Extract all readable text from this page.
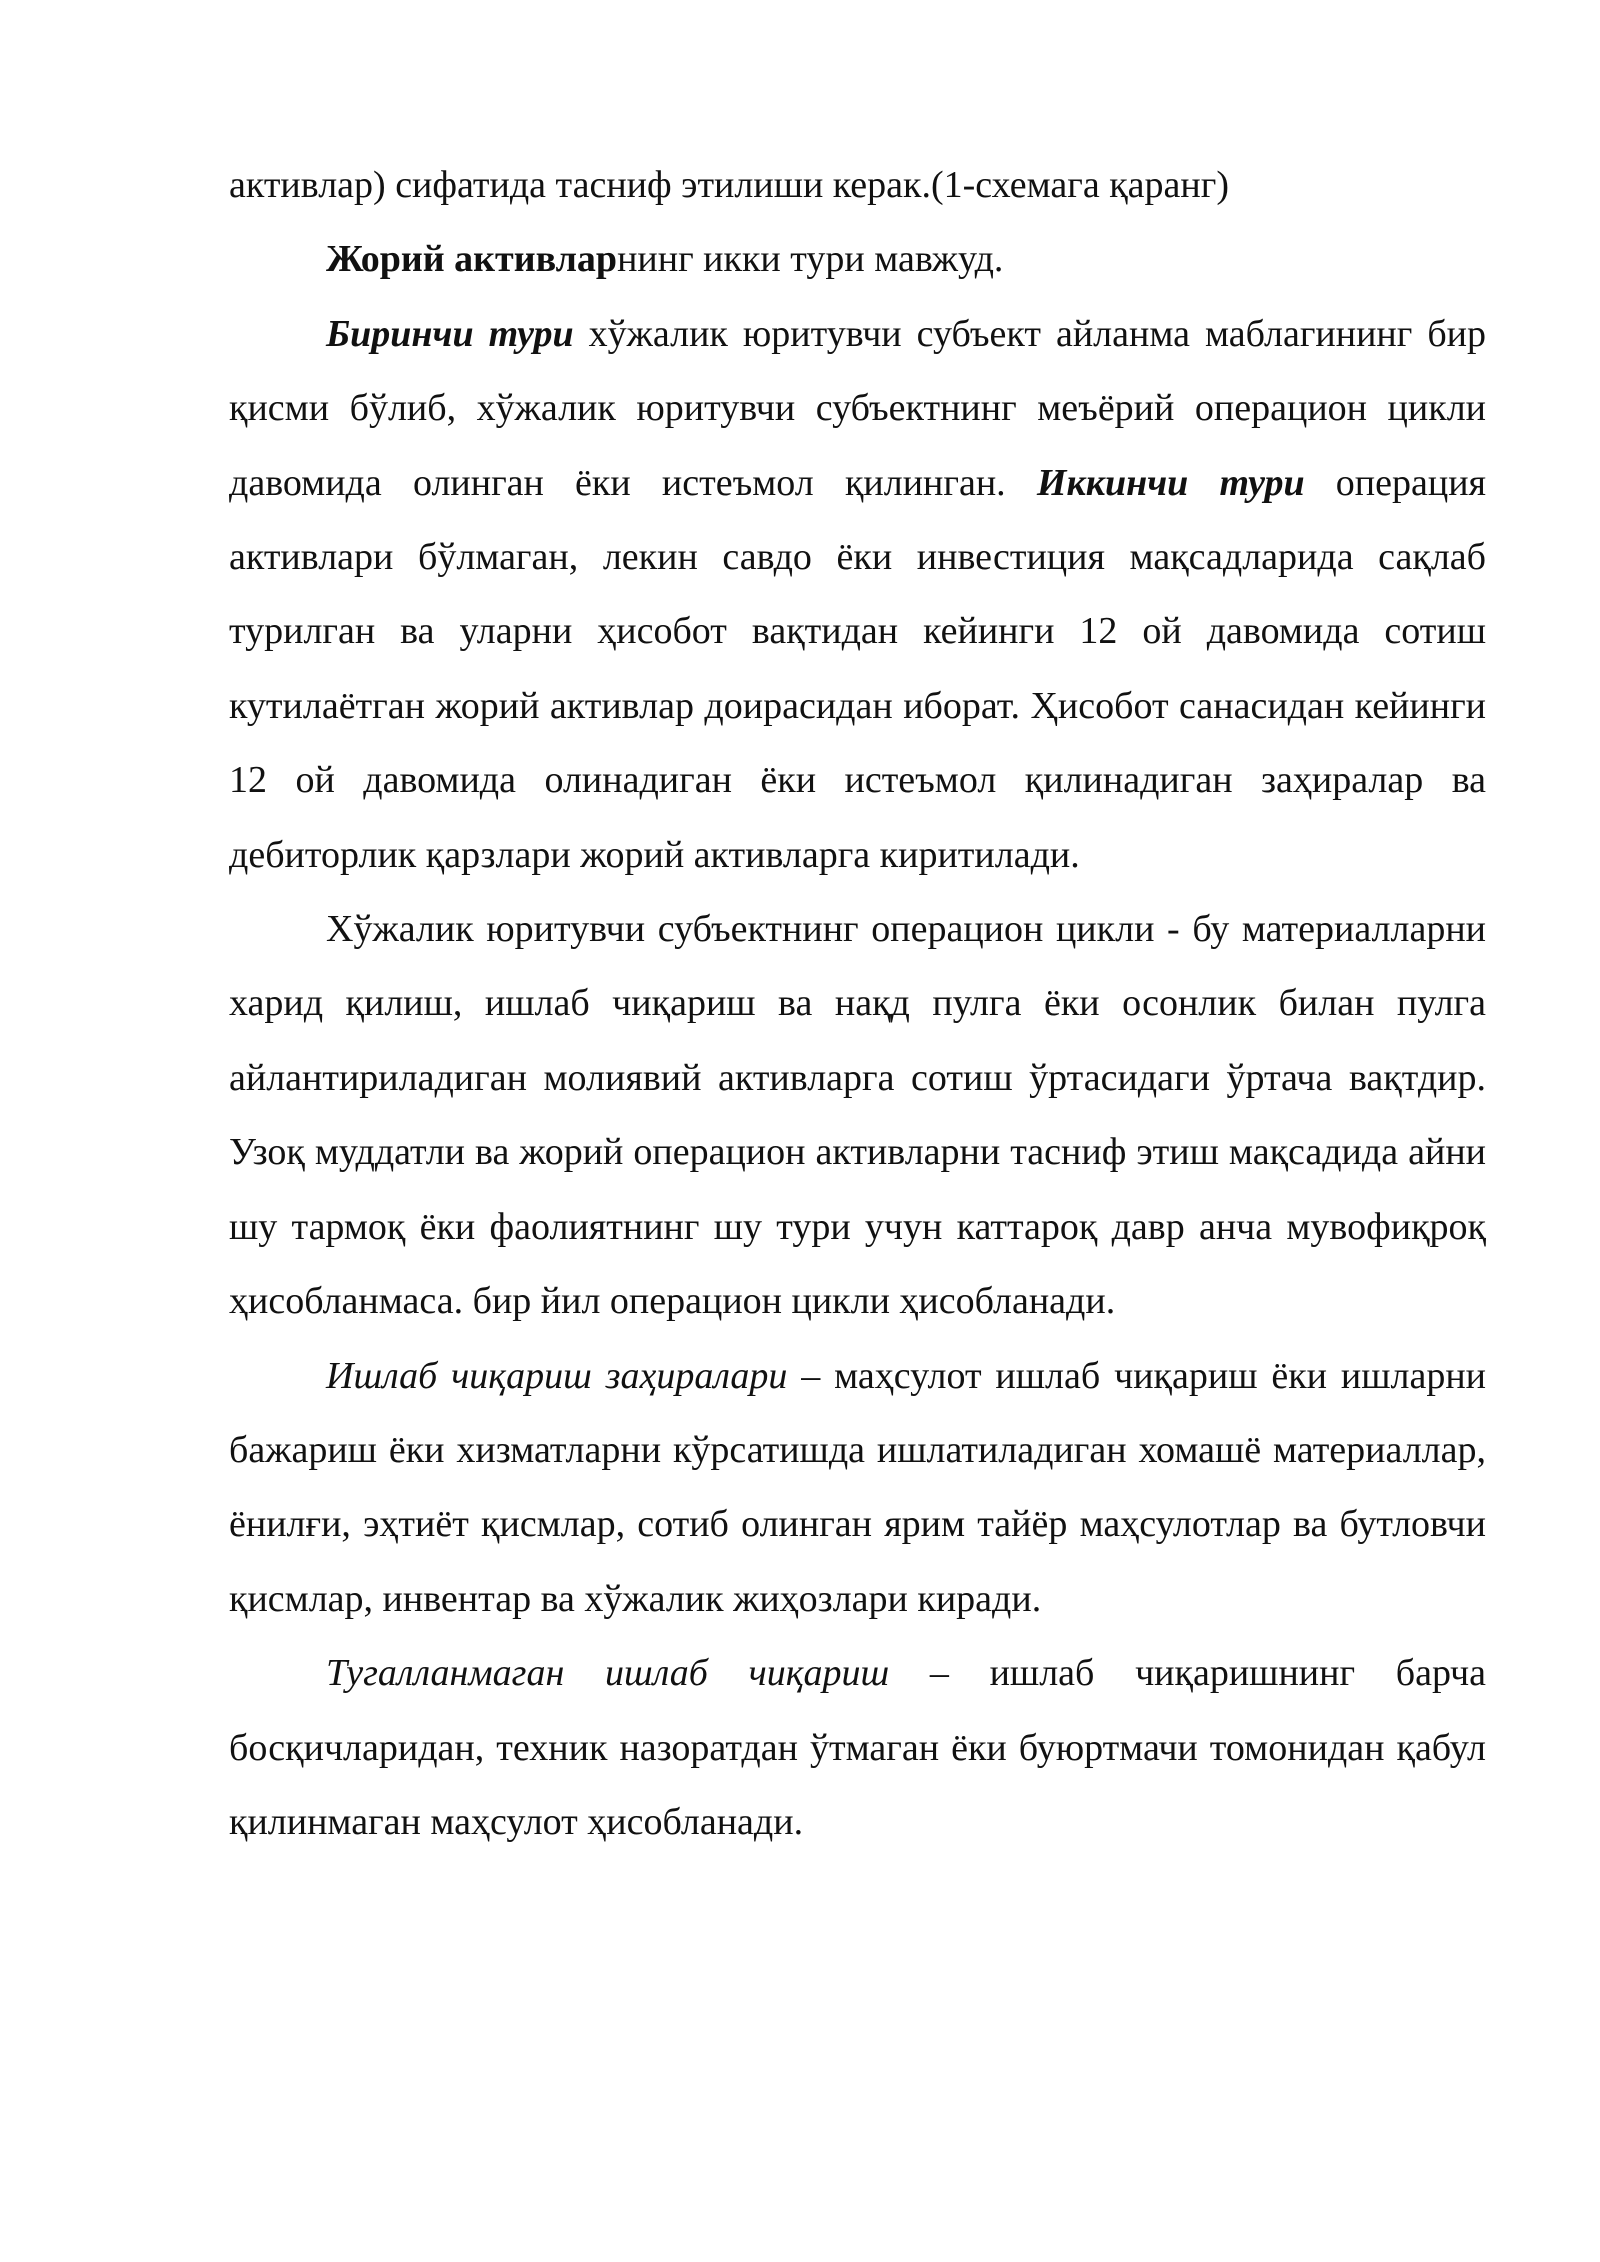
активлар) сифатида тасниф этилиши керак.(1-схемага қаранг)

Жорий активларнинг икки тури мавжуд.

Биринчи тури хўжалик юритувчи субъект айланма маблагининг бир қисми бўлиб, хўжалик юритувчи субъектнинг меъёрий операцион цикли давомида олинган ёки истеъмол қилинган. Иккинчи тури операция активлари бўлмаган, лекин савдо ёки инвестиция мақсадларида сақлаб турилган ва уларни ҳисобот вақтидан кейинги 12 ой давомида сотиш кутилаётган жорий активлар доирасидан иборат. Ҳисобот санасидан кейинги 12 ой давомида олинадиган ёки истеъмол қилинадиган заҳиралар ва дебиторлик қарзлари жорий активларга киритилади.

Хўжалик юритувчи субъектнинг операцион цикли - бу материалларни харид қилиш, ишлаб чиқариш ва нақд пулга ёки осонлик билан пулга айлантириладиган молиявий активларга сотиш ўртасидаги ўртача вақтдир. Узоқ муддатли ва жорий операцион активларни тасниф этиш мақсадида айни шу тармоқ ёки фаолиятнинг шу тури учун каттароқ давр анча мувофиқроқ ҳисобланмаса. бир йил операцион цикли ҳисобланади.

Ишлаб чиқариш заҳиралари – маҳсулот ишлаб чиқариш ёки ишларни бажариш ёки хизматларни кўрсатишда ишлатиладиган хомашё материаллар, ёнилғи, эҳтиёт қисмлар, сотиб олинган ярим тайёр маҳсулотлар ва бутловчи қисмлар, инвентар ва хўжалик жиҳозлари киради.

Тугалланмаган ишлаб чиқариш – ишлаб чиқаришнинг барча босқичларидан, техник назоратдан ўтмаган ёки буюртмачи томонидан қабул қилинмаган маҳсулот ҳисобланади.
